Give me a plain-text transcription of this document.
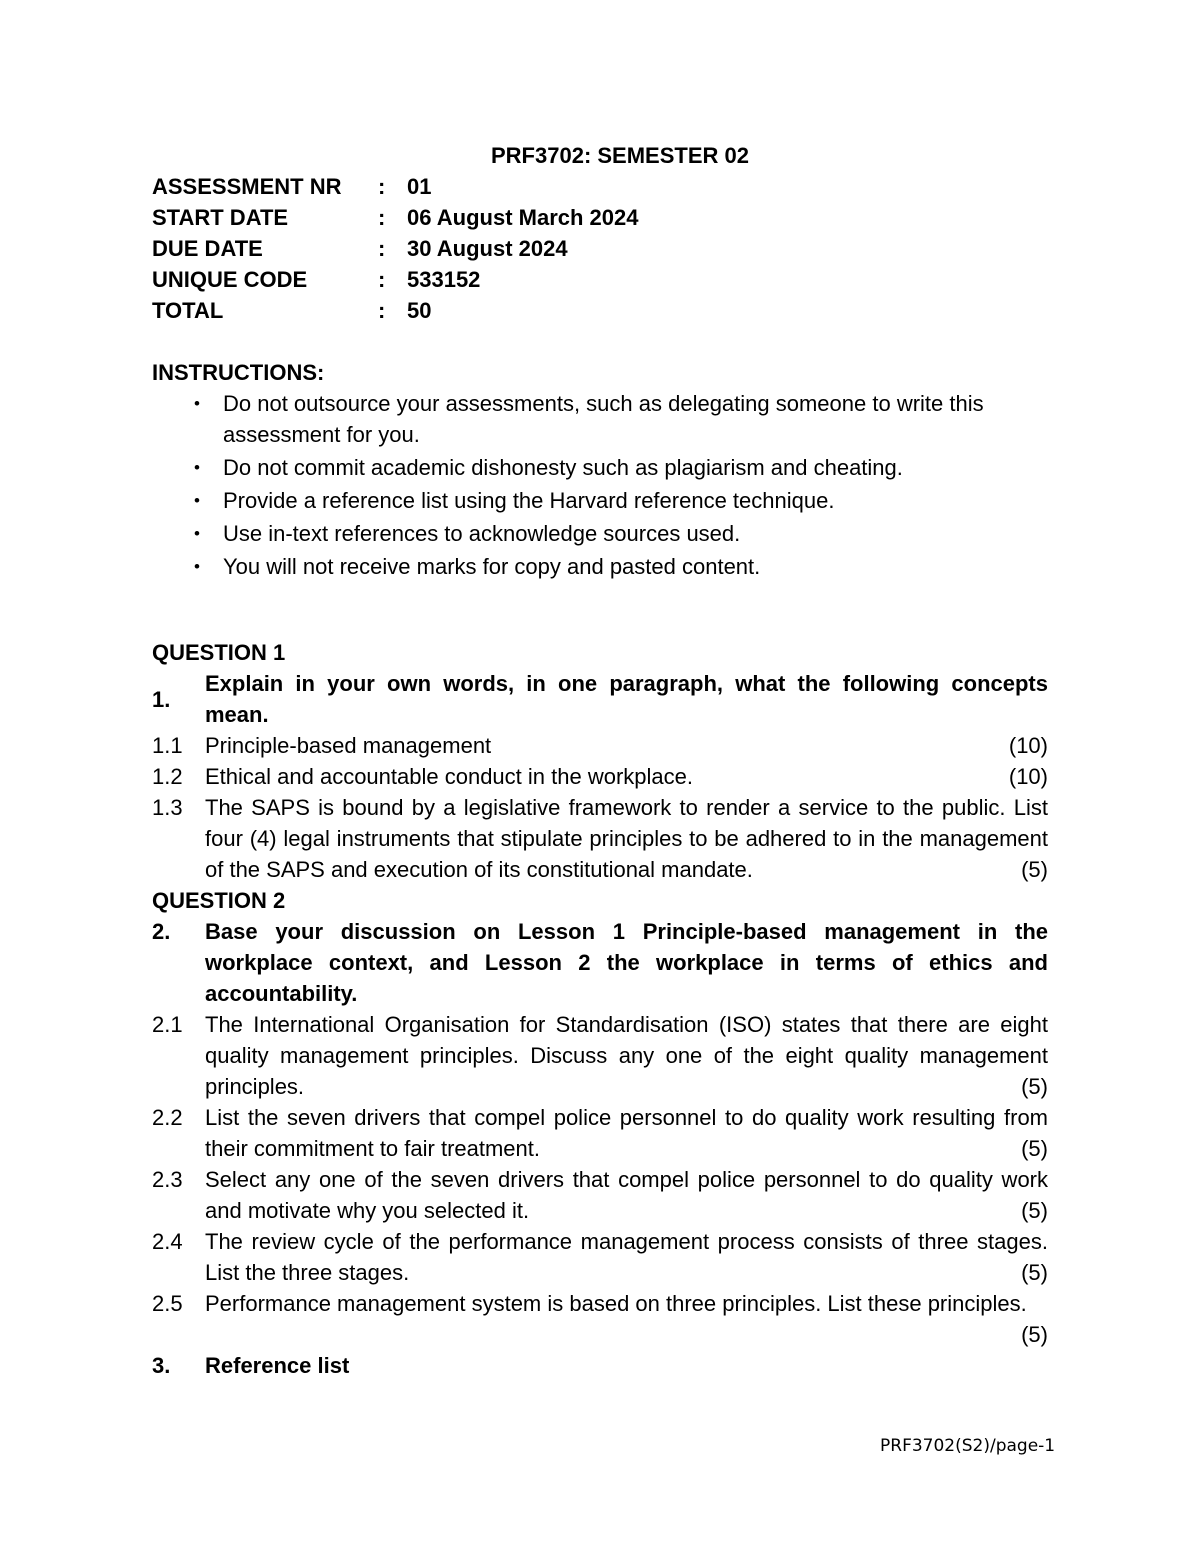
PRF3702: SEMESTER 02
ASSESSMENT NR	: 01
START DATE	: 06 August March 2024
DUE DATE	: 30 August 2024
UNIQUE CODE	: 533152
TOTAL	: 50
INSTRUCTIONS:
• Do not outsource your assessments, such as delegating someone to write this assessment for you.
• Do not commit academic dishonesty such as plagiarism and cheating.
• Provide a reference list using the Harvard reference technique.
• Use in-text references to acknowledge sources used.
• You will not receive marks for copy and pasted content.
QUESTION 1
1.
Explain in your own words, in one paragraph, what the following concepts mean.
1.1	Principle-based management	(10)
1.2	Ethical and accountable conduct in the workplace.	(10)
1.3	The SAPS is bound by a legislative framework to render a service to the public. List four (4) legal instruments that stipulate principles to be adhered to in the management of the SAPS and execution of its constitutional mandate.	(5)
QUESTION 2
2.	Base your discussion on Lesson 1 Principle-based management in the workplace context, and Lesson 2 the workplace in terms of ethics and accountability.
2.1	The International Organisation for Standardisation (ISO) states that there are eight quality management principles. Discuss any one of the eight quality management principles.	(5)
2.2	List the seven drivers that compel police personnel to do quality work resulting from their commitment to fair treatment.	(5)
2.3	Select any one of the seven drivers that compel police personnel to do quality work and motivate why you selected it.	(5)
2.4	The review cycle of the performance management process consists of three stages. List the three stages.	(5)
2.5	Performance management system is based on three principles. List these principles.
(5)
3.	Reference list
PRF3702(S2)/page-1
